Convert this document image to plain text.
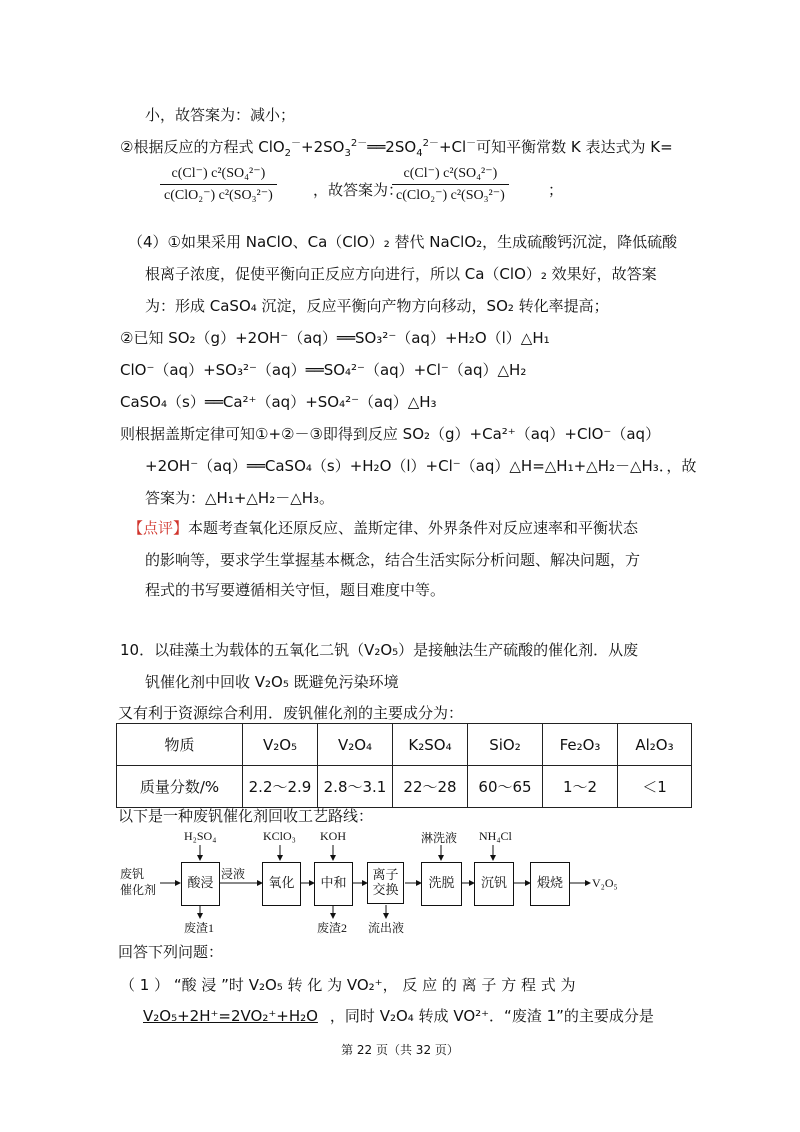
小，故答案为：减小；
②根据反应的方程式 $ClO_2^-+2SO_3^{2-}══2SO_4^{2-}+Cl^-$可知平衡常数 K 表达式为 K=
c(Cl⁻) c²(SO₄²⁻)
c(ClO₂⁻) c²(SO₃²⁻)	，故答案为：
c(Cl⁻) c²(SO₄²⁻)
c(ClO₂⁻) c²(SO₃²⁻)	；
（4）①如果采用 NaClO、Ca（ClO）₂ 替代 NaClO₂，生成硫酸钙沉淀，降低硫酸
根离子浓度，促使平衡向正反应方向进行，所以 Ca（ClO）₂ 效果好，故答案
为：形成 CaSO₄ 沉淀，反应平衡向产物方向移动，SO₂ 转化率提高；
②已知 SO₂（g）+2OH⁻（aq）══SO₃²⁻（aq）+H₂O（l）△H₁
ClO⁻（aq）+SO₃²⁻（aq）══SO₄²⁻（aq）+Cl⁻（aq）△H₂
CaSO₄（s）══Ca²⁺（aq）+SO₄²⁻（aq）△H₃
则根据盖斯定律可知①+②－③即得到反应 SO₂（g）+Ca²⁺（aq）+ClO⁻（aq）
+2OH⁻（aq）══CaSO₄（s）+H₂O（l）+Cl⁻（aq）△H=△H₁+△H₂－△H₃．，故
答案为：△H₁+△H₂－△H₃。
【点评】本题考查氧化还原反应、盖斯定律、外界条件对反应速率和平衡状态
的影响等，要求学生掌握基本概念，结合生活实际分析问题、解决问题，方
程式的书写要遵循相关守恒，题目难度中等。
10．以硅藻土为载体的五氧化二钒（V₂O₅）是接触法生产硫酸的催化剂．从废
钒催化剂中回收 V₂O₅ 既避免污染环境
又有利于资源综合利用．废钒催化剂的主要成分为：
物质	V₂O₅	V₂O₄	K₂SO₄	SiO₂	Fe₂O₃	Al₂O₃
质量分数/%	2.2～2.9	2.8～3.1	22～28	60～65	1～2	＜1
以下是一种废钒催化剂回收工艺路线：
废钒
催化剂	酸浸	氧化	中和
离子
交换	洗脱	沉钒	煅烧
H₂SO₄	KClO₃ KOH	淋洗液 NH₄Cl
浸液
废渣1	废渣2 流出液
V₂O₅
回答下列问题：
（ 1 ） “酸 浸 ”时 V₂O₅ 转 化 为 VO₂⁺， 反 应 的 离 子 方 程 式 为
V₂O₅+2H⁺=2VO₂⁺+H₂O ，同时 V₂O₄ 转成 VO²⁺．“废渣 1”的主要成分是
第 22 页（共 32 页）
